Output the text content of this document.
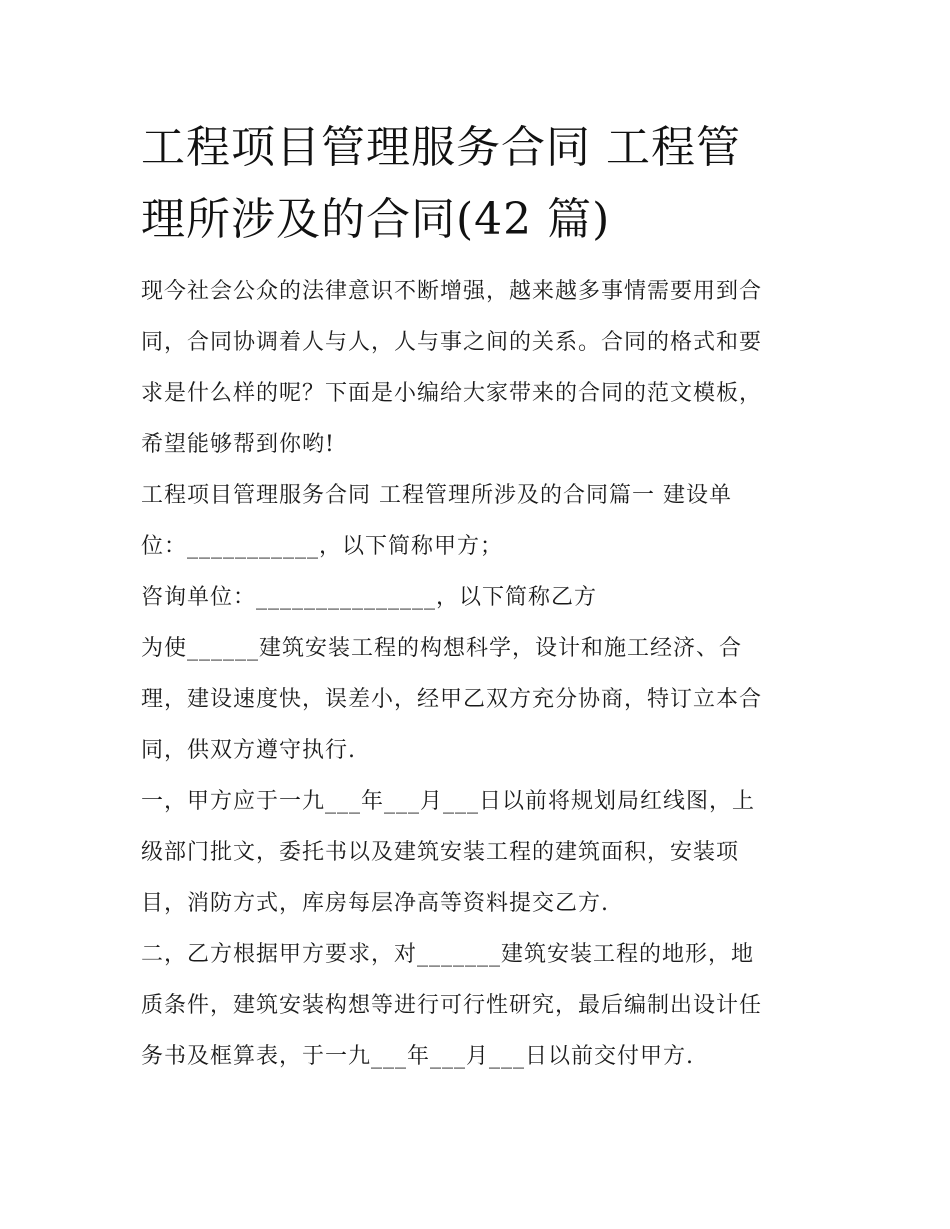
工程项目管理服务合同 工程管
理所涉及的合同(42 篇)

现今社会公众的法律意识不断增强，越来越多事情需要用到合
同，合同协调着人与人，人与事之间的关系。合同的格式和要
求是什么样的呢？下面是小编给大家带来的合同的范文模板，
希望能够帮到你哟!

工程项目管理服务合同 工程管理所涉及的合同篇一 建设单
位：___________，以下简称甲方；

咨询单位：_______________，以下简称乙方

为使______建筑安装工程的构想科学，设计和施工经济、合
理，建设速度快，误差小，经甲乙双方充分协商，特订立本合
同，供双方遵守执行.

一，甲方应于一九___年___月___日以前将规划局红线图，上
级部门批文，委托书以及建筑安装工程的建筑面积，安装项
目，消防方式，库房每层净高等资料提交乙方.

二，乙方根据甲方要求，对_______建筑安装工程的地形，地
质条件，建筑安装构想等进行可行性研究，最后编制出设计任
务书及框算表，于一九___年___月___日以前交付甲方.
